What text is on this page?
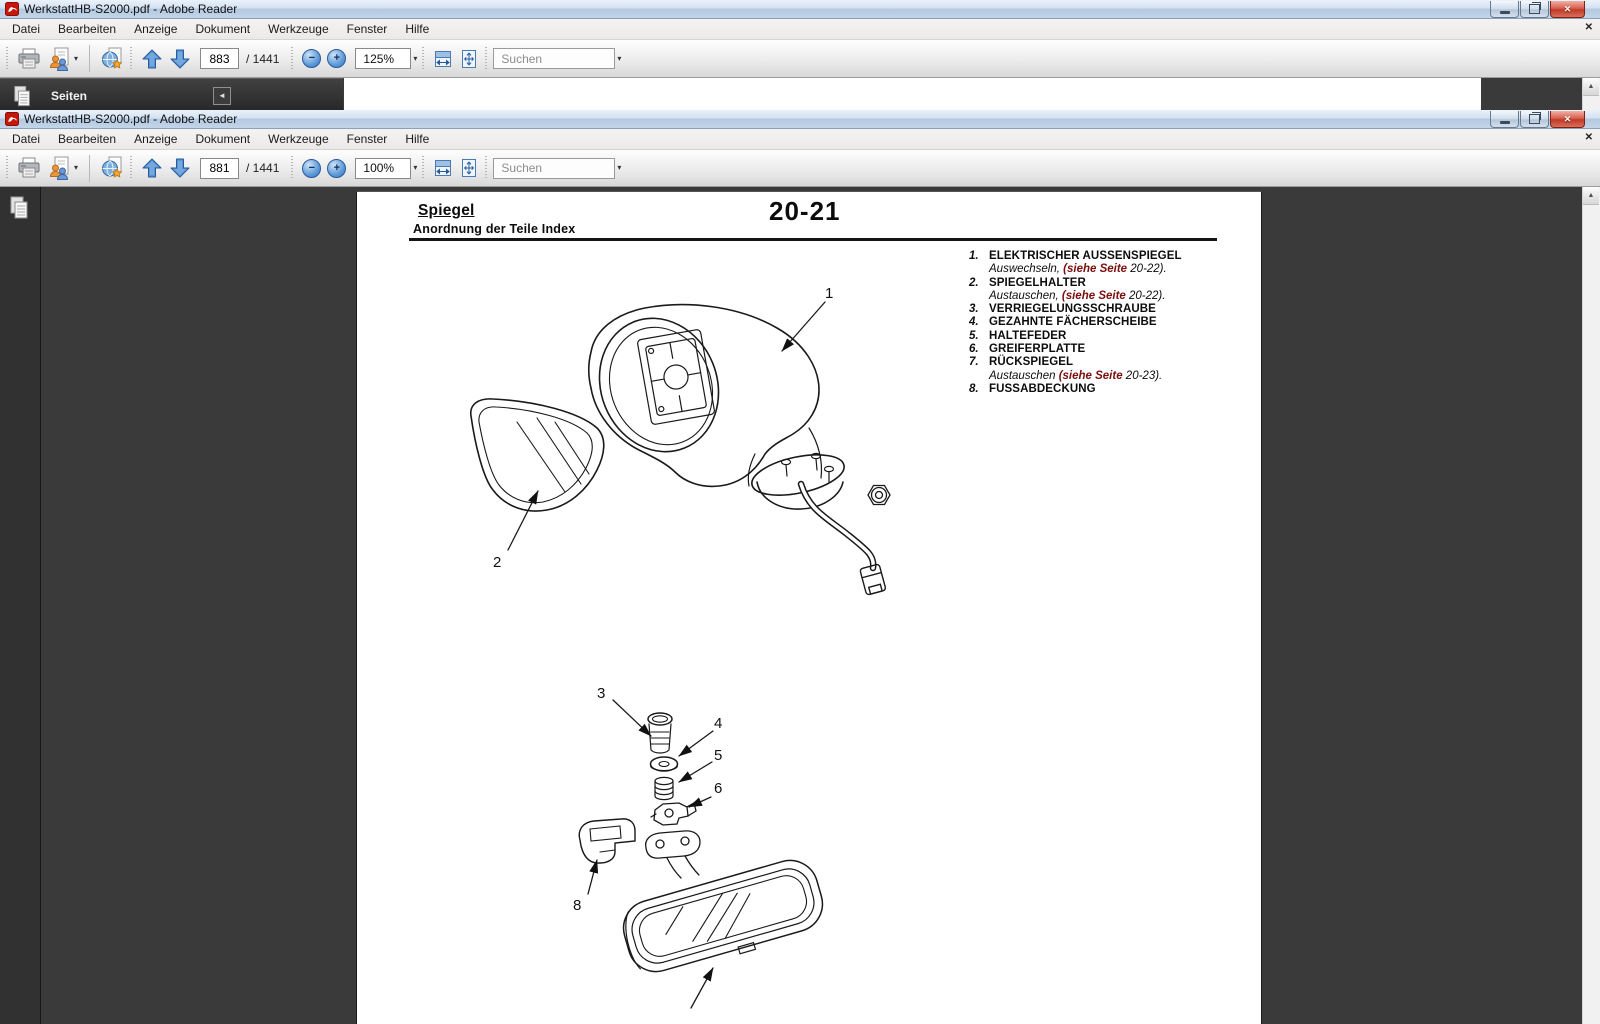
WerkstattHB-S2000.pdf - Adobe Reader	✕
Datei	Bearbeiten	Anzeige	Dokument	Werkzeuge	Fenster	Hilfe	✕
▾
883	/ 1441	− + 125% ▾	Suchen	▾
Seiten	◄
▲
WerkstattHB-S2000.pdf - Adobe Reader	✕
Datei	Bearbeiten	Anzeige	Dokument	Werkzeuge	Fenster	Hilfe	✕
▾
881	/ 1441	− + 100% ▾	Suchen	▾
Spiegel
Anordnung der Teile Index
20-21
1. ELEKTRISCHER AUSSENSPIEGEL
Auswechseln, (siehe Seite 20-22).
2. SPIEGELHALTER
Austauschen, (siehe Seite 20-22).
3. VERRIEGELUNGSSCHRAUBE
4. GEZAHNTE FÄCHERSCHEIBE
5. HALTEFEDER
6. GREIFERPLATTE
7. RÜCKSPIEGEL
Austauschen (siehe Seite 20-23).
8. FUSSABDECKUNG
1
2
3
4
5
6
8
▲
